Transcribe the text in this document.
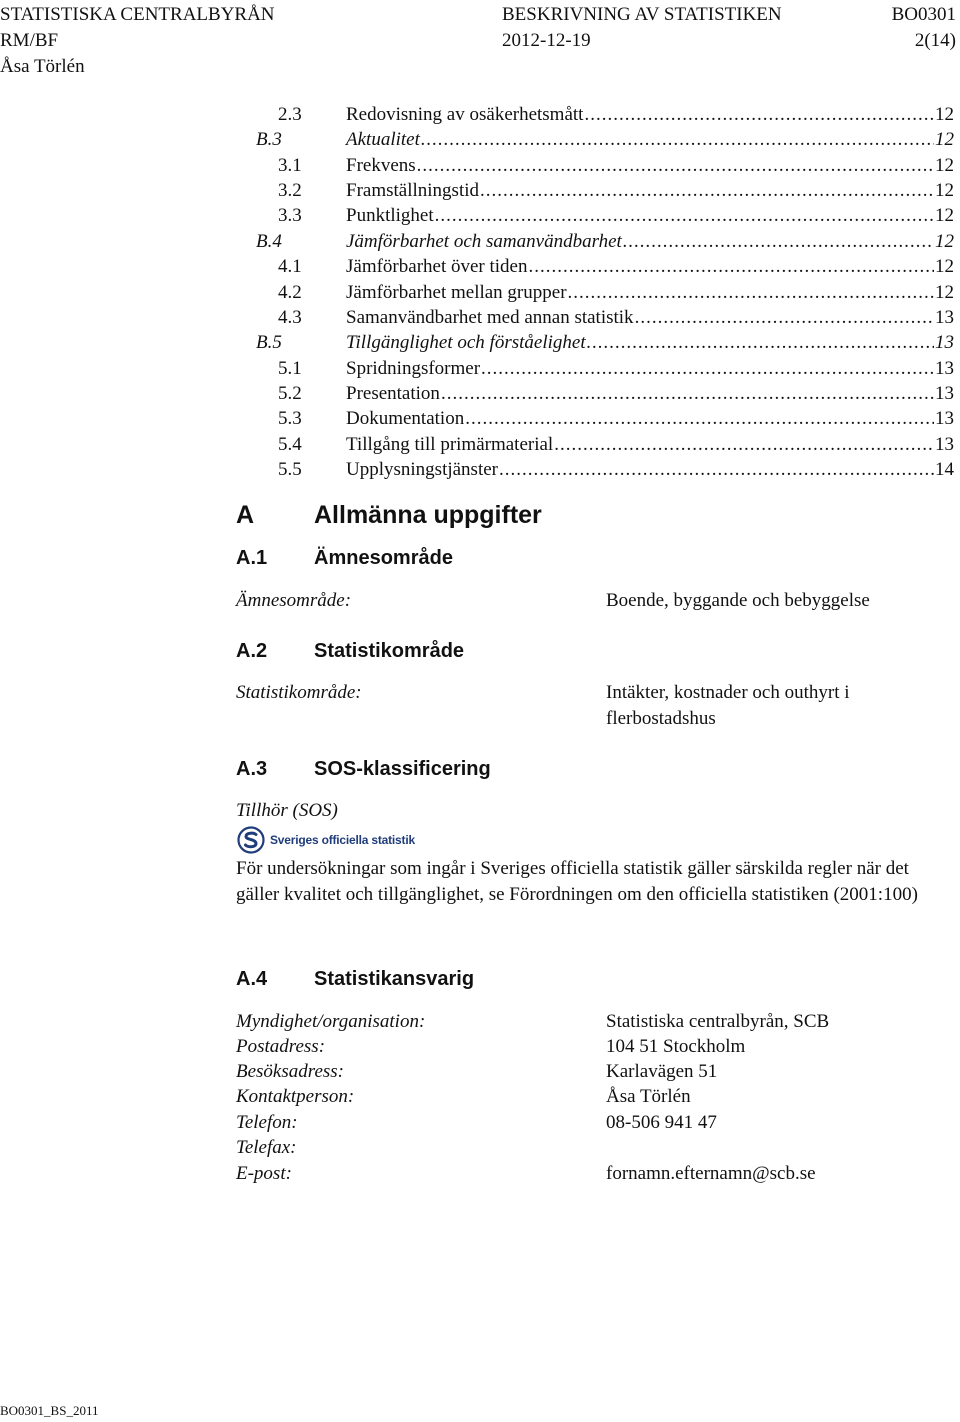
STATISTISKA CENTRALBYRÅN	BESKRIVNING AV STATISTIKEN	BO0301
RM/BF	2012-12-19	2(14)
Åsa Törlén
2.3	Redovisning av osäkerhetsmått .....	12
B.3	Aktualitet .....	12
3.1	Frekvens .....	12
3.2	Framställningstid .....	12
3.3	Punktlighet .....	12
B.4	Jämförbarhet och samanvändbarhet .....	12
4.1	Jämförbarhet över tiden .....	12
4.2	Jämförbarhet mellan grupper .....	12
4.3	Samanvändbarhet med annan statistik .....	13
B.5	Tillgänglighet och förståelighet .....	13
5.1	Spridningsformer .....	13
5.2	Presentation .....	13
5.3	Dokumentation .....	13
5.4	Tillgång till primärmaterial .....	13
5.5	Upplysningstjänster .....	14
A Allmänna uppgifter
A.1 Ämnesområde
Ämnesområde:	Boende, byggande och bebyggelse
A.2 Statistikområde
Statistikområde:	Intäkter, kostnader och outhyrt i
flerbostadshus
A.3 SOS-klassificering
Tillhör (SOS)
Sveriges officiella statistik
För undersökningar som ingår i Sveriges officiella statistik gäller särskilda regler när det gäller kvalitet och tillgänglighet, se Förordningen om den officiella statistiken (2001:100)
A.4 Statistikansvarig
Myndighet/organisation:	Statistiska centralbyrån, SCB
Postadress:	104 51 Stockholm
Besöksadress:	Karlavägen 51
Kontaktperson:	Åsa Törlén
Telefon:	08-506 941 47
Telefax:
E-post:	fornamn.efternamn@scb.se
BO0301_BS_2011
